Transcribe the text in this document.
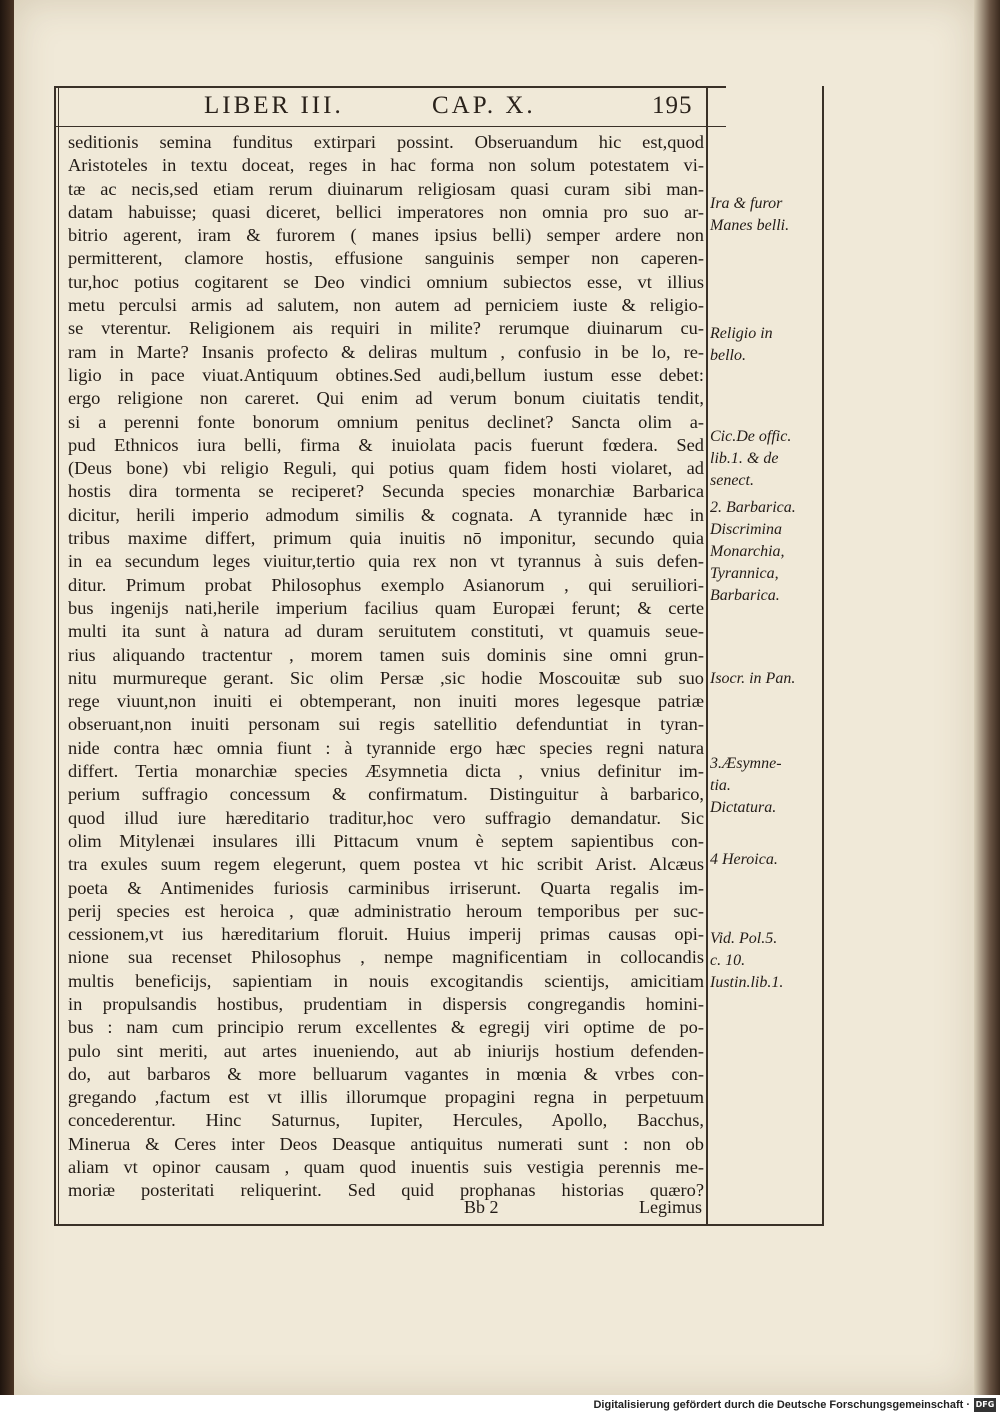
LIBER III.	CAP. X.	195
seditionis semina funditus extirpari possint. Obseruandum hic est,quod
Aristoteles in textu doceat, reges in hac forma non solum potestatem vi-
tæ ac necis,sed etiam rerum diuinarum religiosam quasi curam sibi man-
datam habuisse; quasi diceret, bellici imperatores non omnia pro suo ar-
bitrio agerent, iram & furorem ( manes ipsius belli) semper ardere non
permitterent, clamore hostis, effusione sanguinis semper non caperen-
tur,hoc potius cogitarent se Deo vindici omnium subiectos esse, vt illius
metu perculsi armis ad salutem, non autem ad perniciem iuste & religio-
se vterentur. Religionem ais requiri in milite? rerumque diuinarum cu-
ram in Marte? Insanis profecto & deliras multum , confusio in be lo, re-
ligio in pace viuat.Antiquum obtines.Sed audi,bellum iustum esse debet:
ergo religione non careret. Qui enim ad verum bonum ciuitatis tendit,
si a perenni fonte bonorum omnium penitus declinet? Sancta olim a-
pud Ethnicos iura belli, firma & inuiolata pacis fuerunt fœdera. Sed
(Deus bone) vbi religio Reguli, qui potius quam fidem hosti violaret, ad
hostis dira tormenta se reciperet? Secunda species monarchiæ Barbarica
dicitur, herili imperio admodum similis & cognata. A tyrannide hæc in
tribus maxime differt, primum quia inuitis nō imponitur, secundo quia
in ea secundum leges viuitur,tertio quia rex non vt tyrannus à suis defen-
ditur. Primum probat Philosophus exemplo Asianorum , qui seruiliori-
bus ingenijs nati,herile imperium facilius quam Europæi ferunt; & certe
multi ita sunt à natura ad duram seruitutem constituti, vt quamuis seue-
rius aliquando tractentur , morem tamen suis dominis sine omni grun-
nitu murmureque gerant. Sic olim Persæ ,sic hodie Moscouitæ sub suo
rege viuunt,non inuiti ei obtemperant, non inuiti mores legesque patriæ
obseruant,non inuiti personam sui regis satellitio defenduntiat in tyran-
nide contra hæc omnia fiunt : à tyrannide ergo hæc species regni natura
differt. Tertia monarchiæ species Æsymnetia dicta , vnius definitur im-
perium suffragio concessum & confirmatum. Distinguitur à barbarico,
quod illud iure hæreditario traditur,hoc vero suffragio demandatur. Sic
olim Mitylenæi insulares illi Pittacum vnum è septem sapientibus con-
tra exules suum regem elegerunt, quem postea vt hic scribit Arist. Alcæus
poeta & Antimenides furiosis carminibus irriserunt. Quarta regalis im-
perij species est heroica , quæ administratio heroum temporibus per suc-
cessionem,vt ius hæreditarium floruit. Huius imperij primas causas opi-
nione sua recenset Philosophus , nempe magnificentiam in collocandis
multis beneficijs, sapientiam in nouis excogitandis scientijs, amicitiam
in propulsandis hostibus, prudentiam in dispersis congregandis homini-
bus : nam cum principio rerum excellentes & egregij viri optime de po-
pulo sint meriti, aut artes inueniendo, aut ab iniurijs hostium defenden-
do, aut barbaros & more belluarum vagantes in mœnia & vrbes con-
gregando ,factum est vt illis illorumque propagini regna in perpetuum
concederentur. Hinc Saturnus, Iupiter, Hercules, Apollo, Bacchus,
Minerua & Ceres inter Deos Deasque antiquitus numerati sunt : non ob
aliam vt opinor causam , quam quod inuentis suis vestigia perennis me-
moriæ posteritati reliquerint. Sed quid prophanas historias quæro?
Bb 2	Legimus
Ira & furor
Manes belli.
Religio in
bello.
Cic.De offic.
lib.1. & de
senect.
2. Barbarica.
Discrimina
Monarchia,
Tyrannica,
Barbarica.
Isocr. in Pan.
3.Æsymne-
tia.
Dictatura.
4 Heroica.
Vid. Pol.5.
c. 10.
Iustin.lib.1.
Digitalisierung gefördert durch die Deutsche Forschungsgemeinschaft · DFG
